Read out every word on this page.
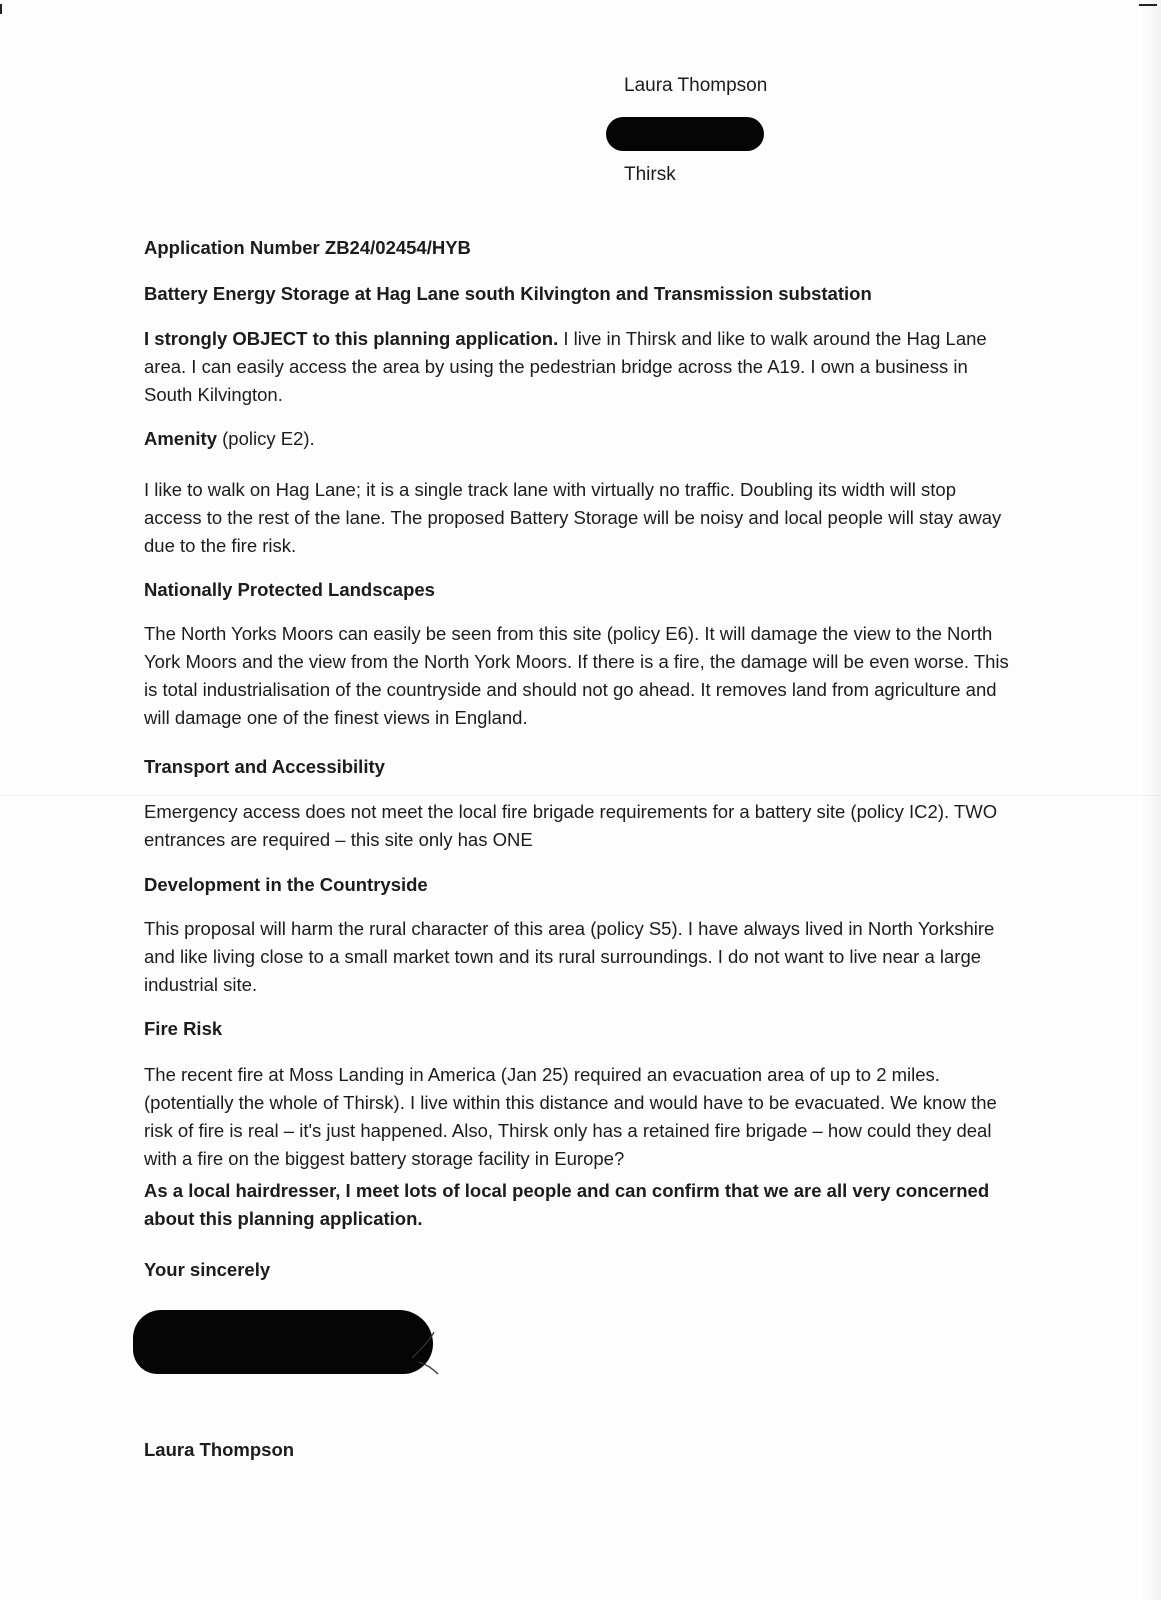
Laura Thompson
Thirsk

Application Number ZB24/02454/HYB

Battery Energy Storage at Hag Lane south Kilvington and Transmission substation

I strongly OBJECT to this planning application. I live in Thirsk and like to walk around the Hag Lane area. I can easily access the area by using the pedestrian bridge across the A19. I own a business in South Kilvington.

Amenity (policy E2).

I like to walk on Hag Lane; it is a single track lane with virtually no traffic. Doubling its width will stop access to the rest of the lane. The proposed Battery Storage will be noisy and local people will stay away due to the fire risk.

Nationally Protected Landscapes

The North Yorks Moors can easily be seen from this site (policy E6). It will damage the view to the North York Moors and the view from the North York Moors. If there is a fire, the damage will be even worse. This is total industrialisation of the countryside and should not go ahead. It removes land from agriculture and will damage one of the finest views in England.

Transport and Accessibility

Emergency access does not meet the local fire brigade requirements for a battery site (policy IC2). TWO entrances are required – this site only has ONE

Development in the Countryside

This proposal will harm the rural character of this area (policy S5). I have always lived in North Yorkshire and like living close to a small market town and its rural surroundings. I do not want to live near a large industrial site.

Fire Risk

The recent fire at Moss Landing in America (Jan 25) required an evacuation area of up to 2 miles. (potentially the whole of Thirsk). I live within this distance and would have to be evacuated. We know the risk of fire is real – it's just happened. Also, Thirsk only has a retained fire brigade – how could they deal with a fire on the biggest battery storage facility in Europe?

As a local hairdresser, I meet lots of local people and can confirm that we are all very concerned about this planning application.

Your sincerely

Laura Thompson
